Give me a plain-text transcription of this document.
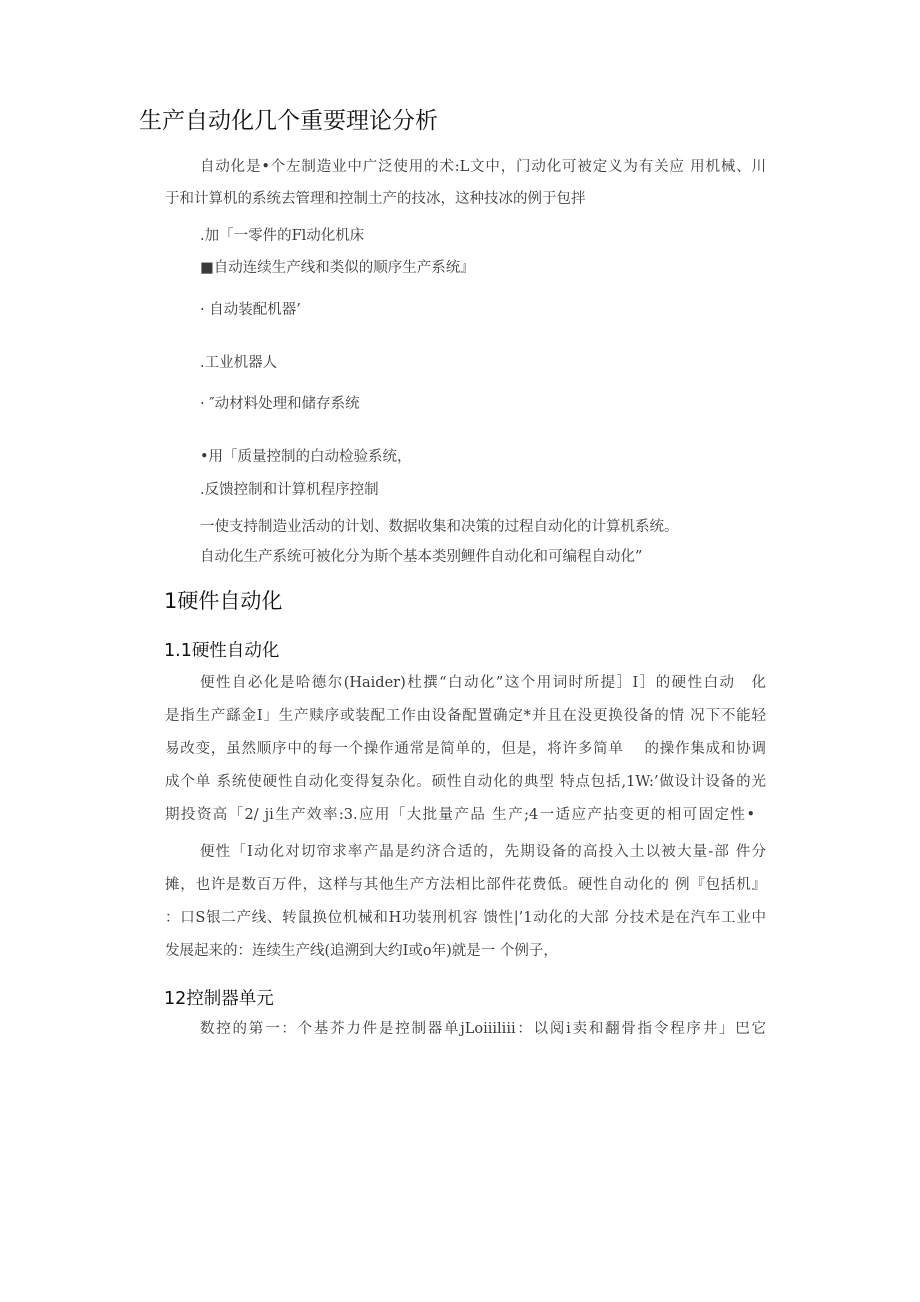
生产自动化几个重要理论分析
自动化是•个左制造业中广泛使用的术:L文中，门动化可被定义为有关应 用机械、川
于和计算机的系统去管理和控制土产的技冰，这种技冰的例于包拌
.加「一零件的Fl动化机床
■自动连续生产线和类似的顺序生产系统』
· 自动装配机器’
.工业机器人
· ″动材料处理和储存系统
•用「质量控制的白动检验系统，
.反馈控制和计算机程序控制
一使支持制造业活动的计划、数据收集和决策的过程自动化的计算机系统。
自动化生产系统可被化分为斯个基本类别鲤件自动化和可编程自动化”
1硬件自动化
1.1硬性自动化
便性自必化是哈德尔(Haider)杜撰“白动化”这个用词时所提］I］的硬性白动　化
是指生产繇金I」生产赎序或装配工作由设备配置确定*并且在没更换役备的情 况下不能轻
易改变，虽然顺序中的每一个操作通常是简单的，但是，将许多简单　 的操作集成和协调
成个单 系统使硬性自动化变得复杂化。硕性自动化的典型 特点包括,1W:’做设计设备的光
期投资高「2/ ji生产效率:3.应用「大批量产品 生产;4一适应产拈变更的相可固定性•
便性「I动化对切帘求率产晶是约济合适的，先期设备的高投入土以被大量-部 件分
摊，也许是数百万件，这样与其他生产方法相比部件花费低。硬性自动化的 例『包括机』
：口S银二产线、转鼠换位机械和H功装刑机容 馈性|’1动化的大部 分技术是在汽车工业中
发展起来的：连续生产线(追溯到大约I或o年)就是一 个例子，
12控制器单元
数控的第一：个基芥力件是控制器单jLoiiiliii：以阅i卖和翻骨指令程序井」巴它
